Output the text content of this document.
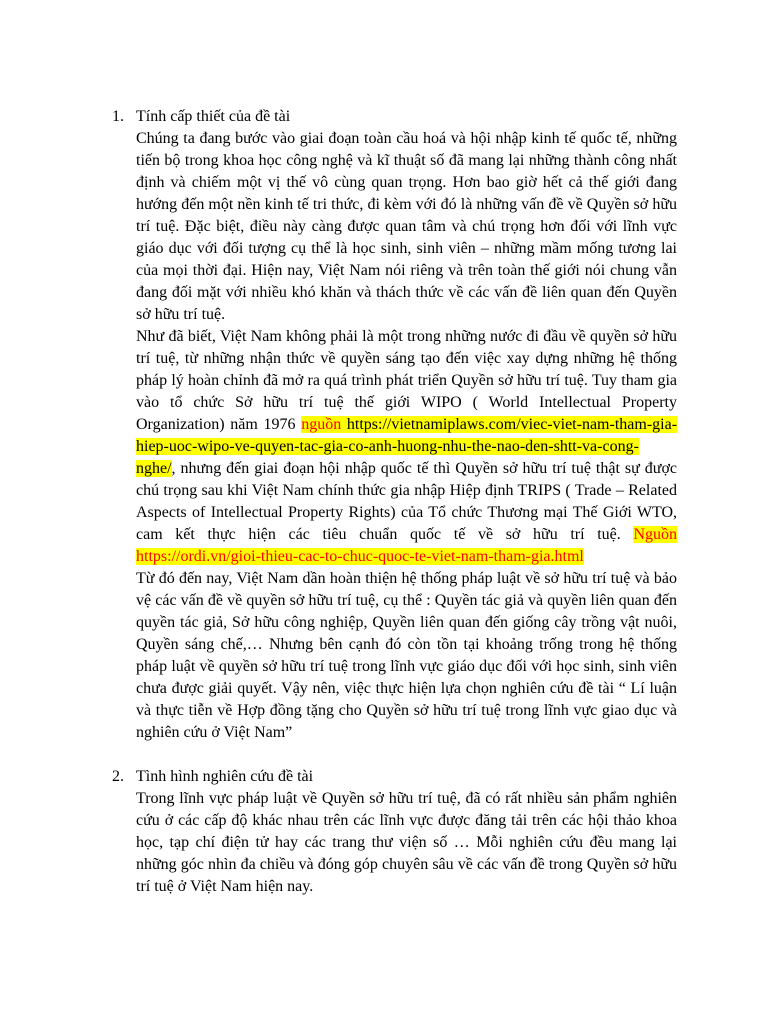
1. Tính cấp thiết của đề tài

Chúng ta đang bước vào giai đoạn toàn cầu hoá và hội nhập kinh tế quốc tế, những tiến bộ trong khoa học công nghệ và kĩ thuật số đã mang lại những thành công nhất định và chiếm một vị thế vô cùng quan trọng. Hơn bao giờ hết cả thế giới đang hướng đến một nền kinh tế tri thức, đi kèm với đó là những vấn đề về Quyền sở hữu trí tuệ. Đặc biệt, điều này càng được quan tâm và chú trọng hơn đối với lĩnh vực giáo dục với đối tượng cụ thể là học sinh, sinh viên – những mầm mống tương lai của mọi thời đại. Hiện nay, Việt Nam nói riêng và trên toàn thế giới nói chung vẫn đang đối mặt với nhiều khó khăn và thách thức về các vấn đề liên quan đến Quyền sở hữu trí tuệ.

Như đã biết, Việt Nam không phải là một trong những nước đi đầu về quyền sở hữu trí tuệ, từ những nhận thức về quyền sáng tạo đến việc xay dựng những hệ thống pháp lý hoàn chỉnh đã mở ra quá trình phát triển Quyền sở hữu trí tuệ. Tuy tham gia vào tổ chức Sở hữu trí tuệ thế giới WIPO ( World Intellectual Property Organization) năm 1976 nguồn https://vietnamiplaws.com/viec-viet-nam-tham-gia-hiep-uoc-wipo-ve-quyen-tac-gia-co-anh-huong-nhu-the-nao-den-shtt-va-cong-nghe/, nhưng đến giai đoạn hội nhập quốc tế thì Quyền sở hữu trí tuệ thật sự được chú trọng sau khi Việt Nam chính thức gia nhập Hiệp định TRIPS ( Trade – Related Aspects of Intellectual Property Rights) của Tổ chức Thương mại Thế Giới WTO, cam kết thực hiện các tiêu chuẩn quốc tế về sở hữu trí tuệ. Nguồn https://ordi.vn/gioi-thieu-cac-to-chuc-quoc-te-viet-nam-tham-gia.html

Từ đó đến nay, Việt Nam dần hoàn thiện hệ thống pháp luật về sở hữu trí tuệ và bảo vệ các vấn đề về quyền sở hữu trí tuệ, cụ thể : Quyền tác giả và quyền liên quan đến quyền tác giả, Sở hữu công nghiệp, Quyền liên quan đến giống cây trồng vật nuôi, Quyền sáng chế,… Nhưng bên cạnh đó còn tồn tại khoảng trống trong hệ thống pháp luật về quyền sở hữu trí tuệ trong lĩnh vực giáo dục đối với học sinh, sinh viên chưa được giải quyết. Vậy nên, việc thực hiện lựa chọn nghiên cứu đề tài “ Lí luận và thực tiễn về Hợp đồng tặng cho Quyền sở hữu trí tuệ trong lĩnh vực giao dục và nghiên cứu ở Việt Nam”

2. Tình hình nghiên cứu đề tài

Trong lĩnh vực pháp luật về Quyền sở hữu trí tuệ, đã có rất nhiều sản phẩm nghiên cứu ở các cấp độ khác nhau trên các lĩnh vực được đăng tải trên các hội thảo khoa học, tạp chí điện tử hay các trang thư viện số … Mỗi nghiên cứu đều mang lại những góc nhìn đa chiều và đóng góp chuyên sâu về các vấn đề trong Quyền sở hữu trí tuệ ở Việt Nam hiện nay.
